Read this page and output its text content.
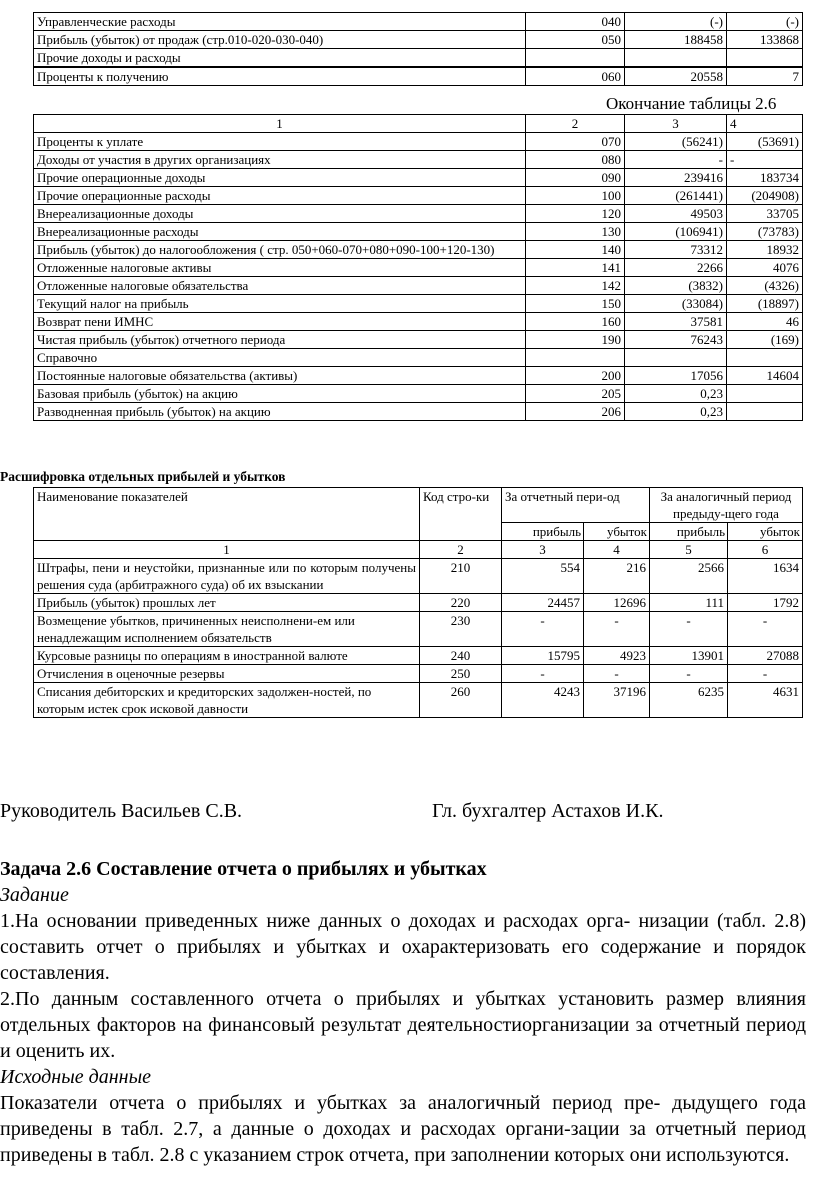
Управленческие расходы	040	(-)	(-)
Прибыль (убыток) от продаж (стр.010-020-030-040)	050	188458	133868
Прочие доходы и расходы			
Проценты к получению	060	20558	7
Окончание таблицы 2.6
1	2	3	4
Проценты к уплате	070	(56241)	(53691)
Доходы от участия в других организациях	080	-	-
Прочие операционные доходы	090	239416	183734
Прочие операционные расходы	100	(261441)	(204908)
Внереализационные доходы	120	49503	33705
Внереализационные расходы	130	(106941)	(73783)
Прибыль (убыток) до налогообложения ( стр. 050+060-070+080+090-100+120-130)	140	73312	18932
Отложенные налоговые активы	141	2266	4076
Отложенные налоговые обязательства	142	(3832)	(4326)
Текущий налог на прибыль	150	(33084)	(18897)
Возврат пени ИМНС	160	37581	46
Чистая прибыль (убыток) отчетного периода	190	76243	(169)
Справочно			
Постоянные налоговые обязательства (активы)	200	17056	14604
Базовая прибыль (убыток) на акцию	205	0,23	
Разводненная прибыль (убыток) на акцию	206	0,23	
Расшифровка отдельных прибылей и убытков
Наименование показателей	Код стро-ки	За отчетный пери-од		За аналогичный период предыду-щего года	
		прибыль	убыток	прибыль	убыток
1	2	3	4	5	6
Штрафы, пени и неустойки, признанные или по которым получены решения суда (арбитражного суда) об их взыскании	210	554	216	2566	1634
Прибыль (убыток) прошлых лет	220	24457	12696	111	1792
Возмещение убытков, причиненных неисполнени-ем или ненадлежащим исполнением обязательств	230	-	-	-	-
Курсовые разницы по операциям в иностранной валюте	240	15795	4923	13901	27088
Отчисления в оценочные резервы	250	-	-	-	-
Списания дебиторских и кредиторских задолжен-ностей, по которым истек срок исковой давности	260	4243	37196	6235	4631
Руководитель Васильев С.В.	Гл. бухгалтер Астахов И.К.

Задача 2.6 Составление отчета о прибылях и убытках

Задание

1.На основании приведенных ниже данных о доходах и расходах орга- низации (табл. 2.8) составить отчет о прибылях и убытках и охарактеризовать его содержание и порядок составления.

2.По данным составленного отчета о прибылях и убытках установить размер влияния отдельных факторов на финансовый результат деятельностиорганизации за отчетный период и оценить их.

Исходные данные

Показатели отчета о прибылях и убытках за аналогичный период пре- дыдущего года приведены в табл. 2.7, а данные о доходах и расходах органи-зации за отчетный период приведены в табл. 2.8 с указанием строк отчета, при заполнении которых они используются.
